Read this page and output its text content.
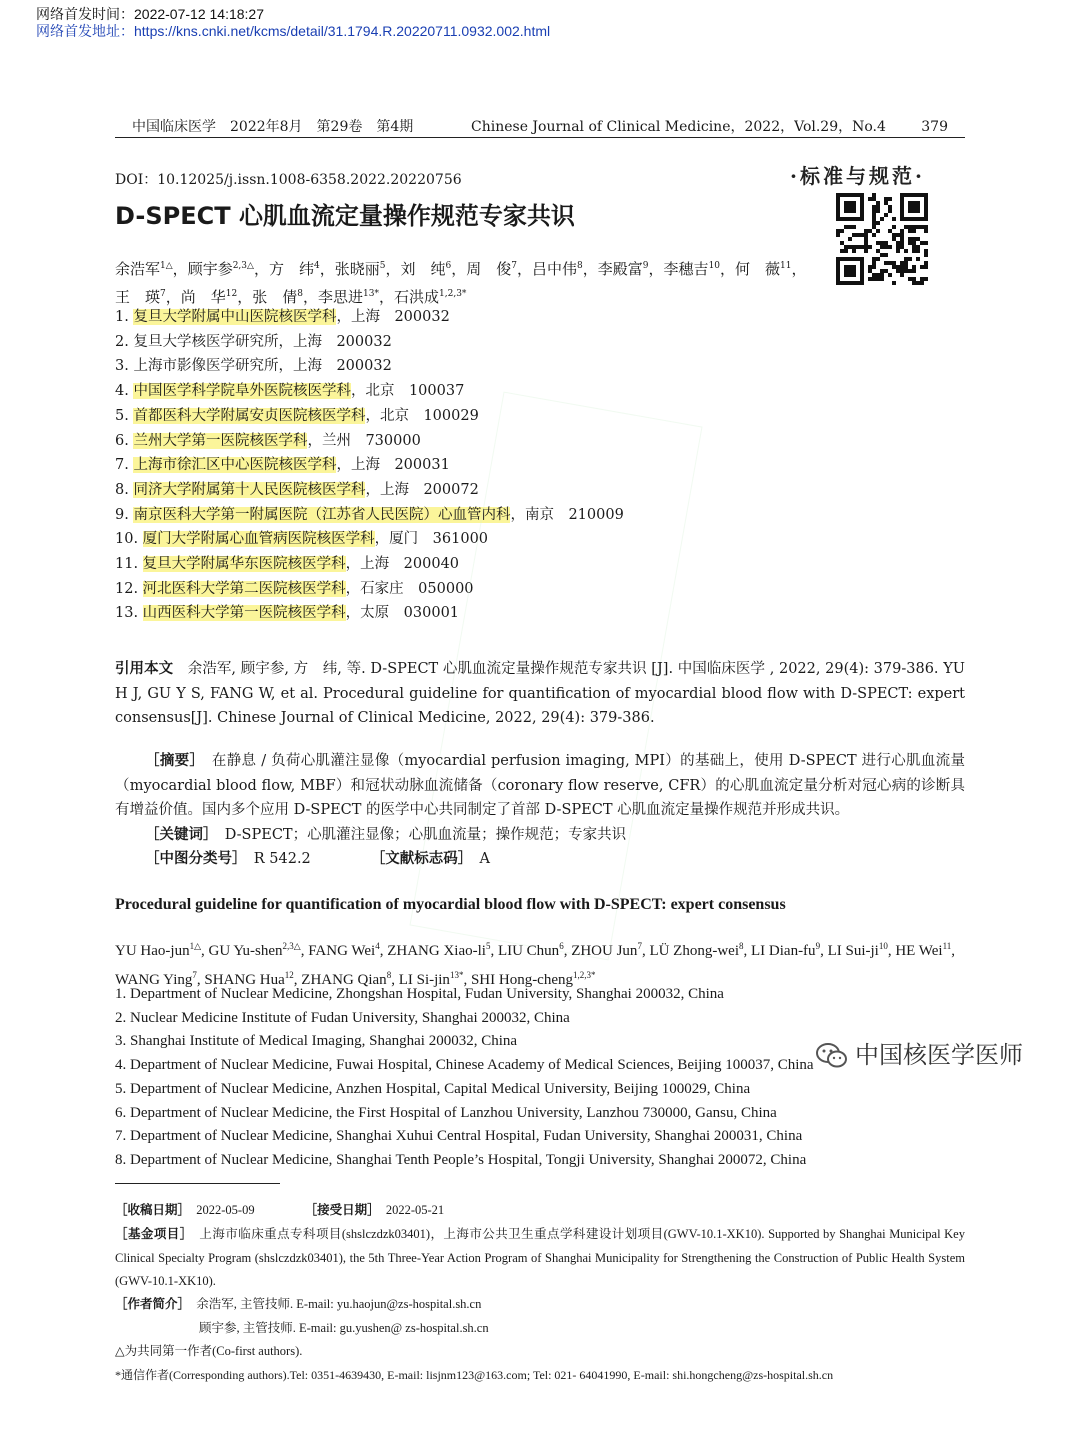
网络首发时间：2022-07-12 14:18:27
网络首发地址：https://kns.cnki.net/kcms/detail/31.1794.R.20220711.0932.002.html
中国临床医学　2022年8月　第29卷　第4期	Chinese Journal of Clinical Medicine，2022，Vol.29，No.4	379
DOI：10.12025/j.issn.1008-6358.2022.20220756	·标准与规范·
D-SPECT 心肌血流定量操作规范专家共识
余浩军$^{1\triangle}$，顾宇参$^{2,3\triangle}$，方　纬$^4$，张晓丽$^5$，刘　纯$^6$，周　俊$^7$，吕中伟$^8$，李殿富$^9$，李穗吉$^{10}$，何　薇$^{11}$，王　瑛$^7$，尚　华$^{12}$，张　倩$^8$，李思进$^{13*}$，石洪成$^{1,2,3*}$
1. 复旦大学附属中山医院核医学科，上海　200032
2. 复旦大学核医学研究所，上海　200032
3. 上海市影像医学研究所，上海　200032
4. 中国医学科学院阜外医院核医学科，北京　100037
5. 首都医科大学附属安贞医院核医学科，北京　100029
6. 兰州大学第一医院核医学科，兰州　730000
7. 上海市徐汇区中心医院核医学科，上海　200031
8. 同济大学附属第十人民医院核医学科，上海　200072
9. 南京医科大学第一附属医院（江苏省人民医院）心血管内科，南京　210009
10. 厦门大学附属心血管病医院核医学科，厦门　361000
11. 复旦大学附属华东医院核医学科，上海　200040
12. 河北医科大学第二医院核医学科，石家庄　050000
13. 山西医科大学第一医院核医学科，太原　030001
引用本文　余浩军, 顾宇参, 方　纬, 等. D-SPECT 心肌血流定量操作规范专家共识 [J]. 中国临床医学 , 2022, 29(4): 379-386. YU H J, GU Y S, FANG W, et al. Procedural guideline for quantification of myocardial blood flow with D-SPECT: expert consensus[J]. Chinese Journal of Clinical Medicine, 2022, 29(4): 379-386.
［摘要］　在静息 / 负荷心肌灌注显像（myocardial perfusion imaging, MPI）的基础上，使用 D-SPECT 进行心肌血流量（myocardial blood flow, MBF）和冠状动脉血流储备（coronary flow reserve, CFR）的心肌血流定量分析对冠心病的诊断具有增益价值。国内多个应用 D-SPECT 的医学中心共同制定了首部 D-SPECT 心肌血流定量操作规范并形成共识。
［关键词］　D-SPECT；心肌灌注显像；心肌血流量；操作规范；专家共识
［中图分类号］　R 542.2	［文献标志码］　A
Procedural guideline for quantification of myocardial blood flow with D-SPECT: expert consensus
YU Hao-jun$^{1\triangle}$, GU Yu-shen$^{2,3\triangle}$, FANG Wei$^4$, ZHANG Xiao-$li^5$, LIU Chun$^6$, ZHOU Jun$^7$, LÜ Zhong-wei$^8$, LI Dian-$fu^9$, LI Sui-$ji^{10}$, HE Wei$^{11}$, WANG Ying$^7$, SHANG Hua$^{12}$, ZHANG Qian$^8$, LI Si-jin$^{13*}$, SHI Hong-cheng$^{1,2,3*}$
1. Department of Nuclear Medicine, Zhongshan Hospital, Fudan University, Shanghai 200032, China
2. Nuclear Medicine Institute of Fudan University, Shanghai 200032, China
3. Shanghai Institute of Medical Imaging, Shanghai 200032, China
4. Department of Nuclear Medicine, Fuwai Hospital, Chinese Academy of Medical Sciences, Beijing 100037, China
5. Department of Nuclear Medicine, Anzhen Hospital, Capital Medical University, Beijing 100029, China
6. Department of Nuclear Medicine, the First Hospital of Lanzhou University, Lanzhou 730000, Gansu, China
7. Department of Nuclear Medicine, Shanghai Xuhui Central Hospital, Fudan University, Shanghai 200031, China
8. Department of Nuclear Medicine, Shanghai Tenth People’s Hospital, Tongji University, Shanghai 200072, China
［收稿日期］　2022-05-09	［接受日期］　2022-05-21
［基金项目］　上海市临床重点专科项目(shslczdzk03401)，上海市公共卫生重点学科建设计划项目(GWV-10.1-XK10). Supported by Shanghai Municipal Key Clinical Specialty Program (shslczdzk03401), the 5th Three-Year Action Program of Shanghai Municipality for Strengthening the Construction of Public Health System (GWV-10.1-XK10).
［作者简介］　余浩军, 主管技师. E-mail: yu.haojun@zs-hospital.sh.cn
顾宇参, 主管技师. E-mail: gu.yushen@ zs-hospital.sh.cn
△为共同第一作者(Co-first authors).
*通信作者(Corresponding authors).Tel: 0351-4639430, E-mail: lisjnm123@163.com; Tel: 021- 64041990, E-mail: shi.hongcheng@zs-hospital.sh.cn
中国核医学医师
